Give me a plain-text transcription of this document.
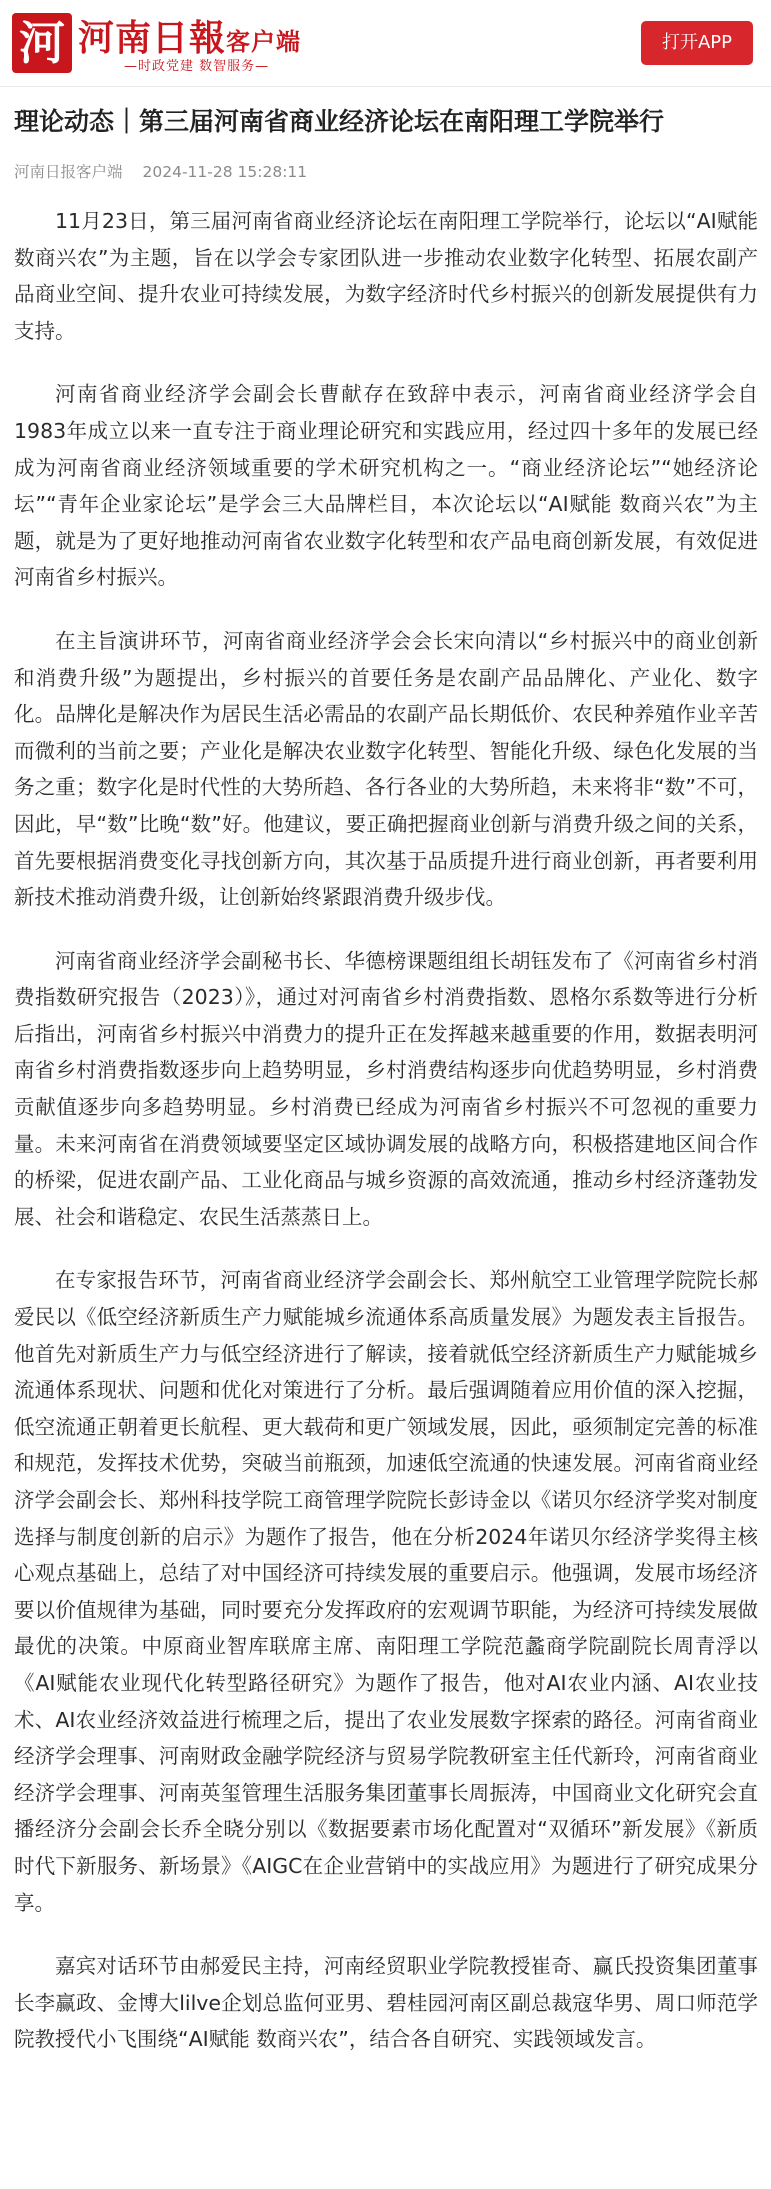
河 河南日報客户端
—时政党建 数智服务—
打开APP
理论动态｜第三届河南省商业经济论坛在南阳理工学院举行
河南日报客户端 2024-11-28 15:28:11

11月23日，第三届河南省商业经济论坛在南阳理工学院举行，论坛以“AI赋能 数商兴农”为主题，旨在以学会专家团队进一步推动农业数字化转型、拓展农副产品商业空间、提升农业可持续发展，为数字经济时代乡村振兴的创新发展提供有力支持。

河南省商业经济学会副会长曹献存在致辞中表示，河南省商业经济学会自1983年成立以来一直专注于商业理论研究和实践应用，经过四十多年的发展已经成为河南省商业经济领域重要的学术研究机构之一。“商业经济论坛”“她经济论坛”“青年企业家论坛”是学会三大品牌栏目，本次论坛以“AI赋能 数商兴农”为主题，就是为了更好地推动河南省农业数字化转型和农产品电商创新发展，有效促进河南省乡村振兴。

在主旨演讲环节，河南省商业经济学会会长宋向清以“乡村振兴中的商业创新和消费升级”为题提出，乡村振兴的首要任务是农副产品品牌化、产业化、数字化。品牌化是解决作为居民生活必需品的农副产品长期低价、农民种养殖作业辛苦而微利的当前之要；产业化是解决农业数字化转型、智能化升级、绿色化发展的当务之重；数字化是时代性的大势所趋、各行各业的大势所趋，未来将非“数”不可，因此，早“数”比晚“数”好。他建议，要正确把握商业创新与消费升级之间的关系，首先要根据消费变化寻找创新方向，其次基于品质提升进行商业创新，再者要利用新技术推动消费升级，让创新始终紧跟消费升级步伐。

河南省商业经济学会副秘书长、华德榜课题组组长胡钰发布了《河南省乡村消费指数研究报告（2023）》，通过对河南省乡村消费指数、恩格尔系数等进行分析后指出，河南省乡村振兴中消费力的提升正在发挥越来越重要的作用，数据表明河南省乡村消费指数逐步向上趋势明显，乡村消费结构逐步向优趋势明显，乡村消费贡献值逐步向多趋势明显。乡村消费已经成为河南省乡村振兴不可忽视的重要力量。未来河南省在消费领域要坚定区域协调发展的战略方向，积极搭建地区间合作的桥梁，促进农副产品、工业化商品与城乡资源的高效流通，推动乡村经济蓬勃发展、社会和谐稳定、农民生活蒸蒸日上。

在专家报告环节，河南省商业经济学会副会长、郑州航空工业管理学院院长郝爱民以《低空经济新质生产力赋能城乡流通体系高质量发展》为题发表主旨报告。他首先对新质生产力与低空经济进行了解读，接着就低空经济新质生产力赋能城乡流通体系现状、问题和优化对策进行了分析。最后强调随着应用价值的深入挖掘，低空流通正朝着更长航程、更大载荷和更广领域发展，因此，亟须制定完善的标准和规范，发挥技术优势，突破当前瓶颈，加速低空流通的快速发展。河南省商业经济学会副会长、郑州科技学院工商管理学院院长彭诗金以《诺贝尔经济学奖对制度选择与制度创新的启示》为题作了报告，他在分析2024年诺贝尔经济学奖得主核心观点基础上，总结了对中国经济可持续发展的重要启示。他强调，发展市场经济要以价值规律为基础，同时要充分发挥政府的宏观调节职能，为经济可持续发展做最优的决策。中原商业智库联席主席、南阳理工学院范蠡商学院副院长周青浮以《AI赋能农业现代化转型路径研究》为题作了报告，他对AI农业内涵、AI农业技术、AI农业经济效益进行梳理之后，提出了农业发展数字探索的路径。河南省商业经济学会理事、河南财政金融学院经济与贸易学院教研室主任代新玲，河南省商业经济学会理事、河南英玺管理生活服务集团董事长周振涛，中国商业文化研究会直播经济分会副会长乔全晓分别以《数据要素市场化配置对“双循环”新发展》《新质时代下新服务、新场景》《AIGC在企业营销中的实战应用》为题进行了研究成果分享。

嘉宾对话环节由郝爱民主持，河南经贸职业学院教授崔奇、赢氏投资集团董事长李赢政、金博大lilve企划总监何亚男、碧桂园河南区副总裁寇华男、周口师范学院教授代小飞围绕“AI赋能 数商兴农”，结合各自研究、实践领域发言。
